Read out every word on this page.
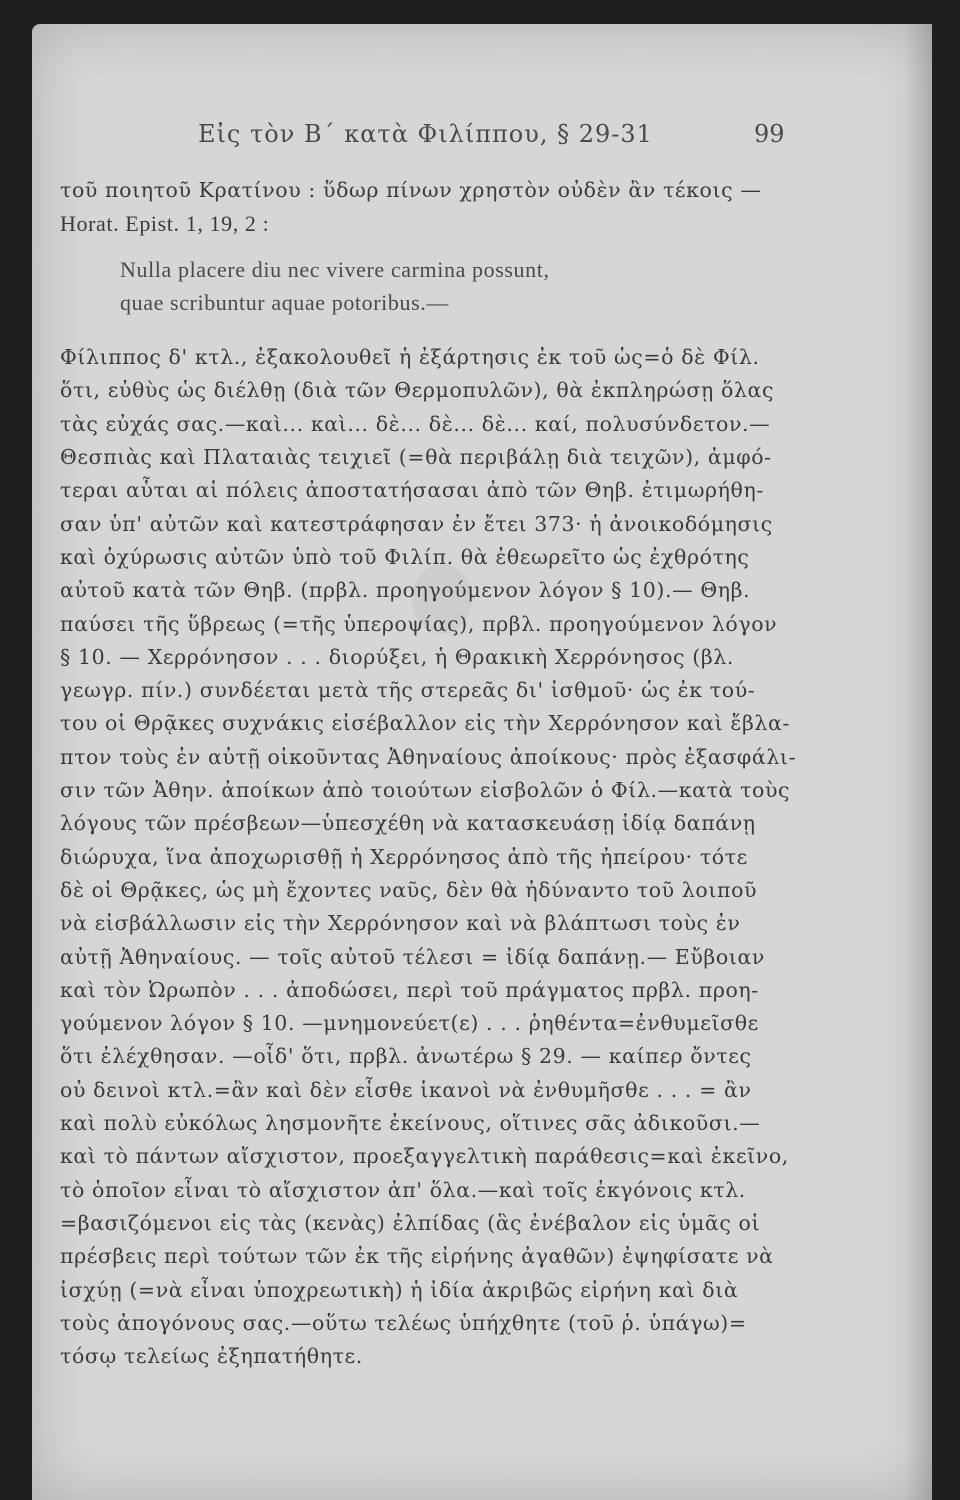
Εἰς τὸν Β΄ κατὰ Φιλίππου, § 29-31	99
τοῦ ποιητοῦ Κρατίνου : ὕδωρ πίνων χρηστὸν οὐδὲν ἂν τέκοις —
Horat. Epist. 1, 19, 2 :
Nulla placere diu nec vivere carmina possunt,
quae scribuntur aquae potoribus.—
Φίλιππος δ' κτλ., ἐξακολουθεῖ ἡ ἐξάρτησις ἐκ τοῦ ὡς=ὁ δὲ Φίλ.
ὅτι, εὐθὺς ὡς διέλθῃ (διὰ τῶν Θερμοπυλῶν), θὰ ἐκπληρώσῃ ὅλας
τὰς εὐχάς σας.—καὶ... καὶ... δὲ... δὲ... δὲ... καί, πολυσύνδετον.—
Θεσπιὰς καὶ Πλαταιὰς τειχιεῖ (=θὰ περιβάλῃ διὰ τειχῶν), ἀμφό-
τεραι αὗται αἱ πόλεις ἀποστατήσασαι ἀπὸ τῶν Θηβ. ἐτιμωρήθη-
σαν ὑπ' αὐτῶν καὶ κατεστράφησαν ἐν ἔτει 373· ἡ ἀνοικοδόμησις
καὶ ὀχύρωσις αὐτῶν ὑπὸ τοῦ Φιλίπ. θὰ ἐθεωρεῖτο ὡς ἐχθρότης
αὐτοῦ κατὰ τῶν Θηβ. (πρβλ. προηγούμενον λόγον § 10).— Θηβ.
παύσει τῆς ὕβρεως (=τῆς ὑπεροψίας), πρβλ. προηγούμενον λόγον
§ 10. — Χερρόνησον . . . διορύξει, ἡ Θρακικὴ Χερρόνησος (βλ.
γεωγρ. πίν.) συνδέεται μετὰ τῆς στερεᾶς δι' ἰσθμοῦ· ὡς ἐκ τού-
του οἱ Θρᾷκες συχνάκις εἰσέβαλλον εἰς τὴν Χερρόνησον καὶ ἔβλα-
πτον τοὺς ἐν αὐτῇ οἰκοῦντας Ἀθηναίους ἀποίκους· πρὸς ἐξασφάλι-
σιν τῶν Ἀθην. ἀποίκων ἀπὸ τοιούτων εἰσβολῶν ὁ Φίλ.—κατὰ τοὺς
λόγους τῶν πρέσβεων—ὑπεσχέθη νὰ κατασκευάσῃ ἰδίᾳ δαπάνῃ
διώρυχα, ἵνα ἀποχωρισθῇ ἡ Χερρόνησος ἀπὸ τῆς ἠπείρου· τότε
δὲ οἱ Θρᾷκες, ὡς μὴ ἔχοντες ναῦς, δὲν θὰ ἠδύναντο τοῦ λοιποῦ
νὰ εἰσβάλλωσιν εἰς τὴν Χερρόνησον καὶ νὰ βλάπτωσι τοὺς ἐν
αὐτῇ Ἀθηναίους. — τοῖς αὐτοῦ τέλεσι = ἰδίᾳ δαπάνῃ.— Εὔβοιαν
καὶ τὸν Ὠρωπὸν . . . ἀποδώσει, περὶ τοῦ πράγματος πρβλ. προη-
γούμενον λόγον § 10. —μνημονεύετ(ε) . . . ῥηθέντα=ἐνθυμεῖσθε
ὅτι ἐλέχθησαν. —οἶδ' ὅτι, πρβλ. ἀνωτέρω § 29. — καίπερ ὄντες
οὐ δεινοὶ κτλ.=ἂν καὶ δὲν εἶσθε ἱκανοὶ νὰ ἐνθυμῆσθε . . . = ἂν
καὶ πολὺ εὐκόλως λησμονῆτε ἐκείνους, οἵτινες σᾶς ἀδικοῦσι.—
καὶ τὸ πάντων αἴσχιστον, προεξαγγελτικὴ παράθεσις=καὶ ἐκεῖνο,
τὸ ὁποῖον εἶναι τὸ αἴσχιστον ἀπ' ὅλα.—καὶ τοῖς ἐκγόνοις κτλ.
=βασιζόμενοι εἰς τὰς (κενὰς) ἐλπίδας (ἃς ἐνέβαλον εἰς ὑμᾶς οἱ
πρέσβεις περὶ τούτων τῶν ἐκ τῆς εἰρήνης ἀγαθῶν) ἐψηφίσατε νὰ
ἰσχύῃ (=νὰ εἶναι ὑποχρεωτικὴ) ἡ ἰδία ἀκριβῶς εἰρήνη καὶ διὰ
τοὺς ἀπογόνους σας.—οὕτω τελέως ὑπήχθητε (τοῦ ῥ. ὑπάγω)=
τόσῳ τελείως ἐξηπατήθητε.
